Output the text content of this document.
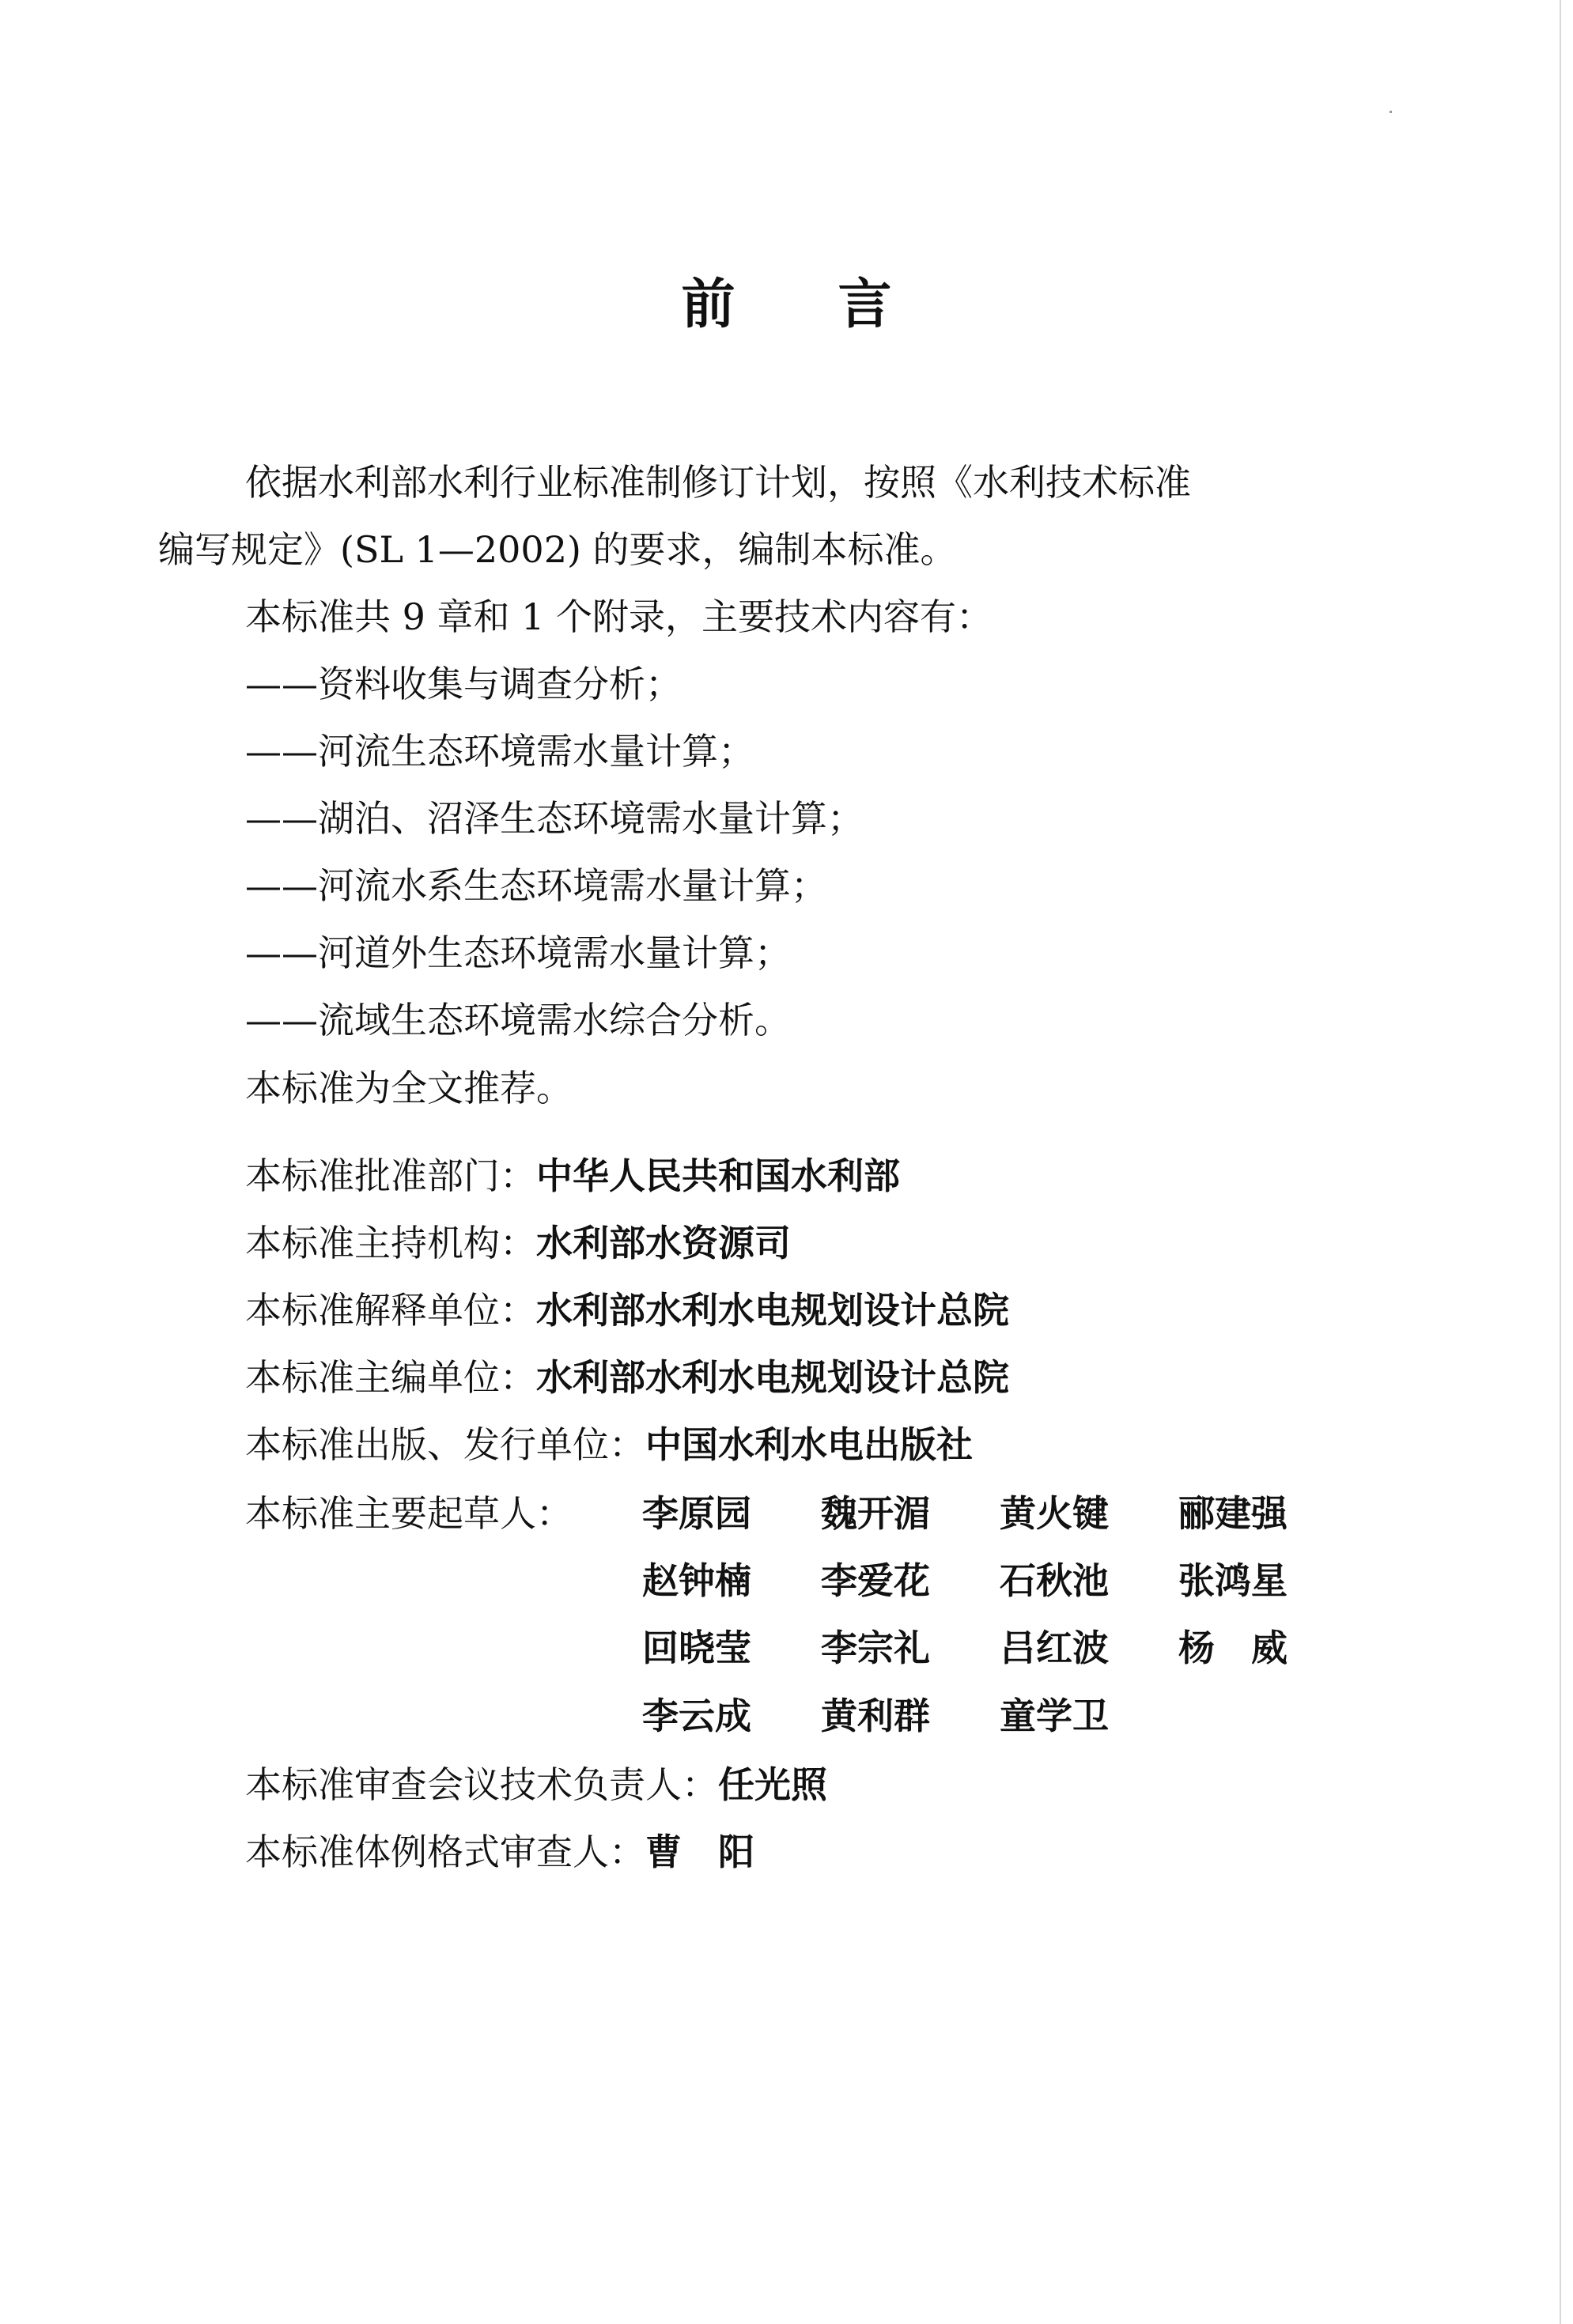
前 言
依据水利部水利行业标准制修订计划，按照《水利技术标准
编写规定》(SL 1—2002) 的要求，编制本标准。
本标准共 9 章和 1 个附录，主要技术内容有：
——资料收集与调查分析；
——河流生态环境需水量计算；
——湖泊、沼泽生态环境需水量计算；
——河流水系生态环境需水量计算；
——河道外生态环境需水量计算；
——流域生态环境需水综合分析。
本标准为全文推荐。
本标准批准部门：中华人民共和国水利部
本标准主持机构：水利部水资源司
本标准解释单位：水利部水利水电规划设计总院
本标准主编单位：水利部水利水电规划设计总院
本标准出版、发行单位：中国水利水电出版社
本标准主要起草人： 李原园	魏开湄	黄火键	郦建强
赵钟楠	李爱花	石秋池	张鸿星
回晓莹	李宗礼	吕红波	杨　威
李云成	黄利群	童学卫
本标准审查会议技术负责人：任光照
本标准体例格式审查人：曹　阳
